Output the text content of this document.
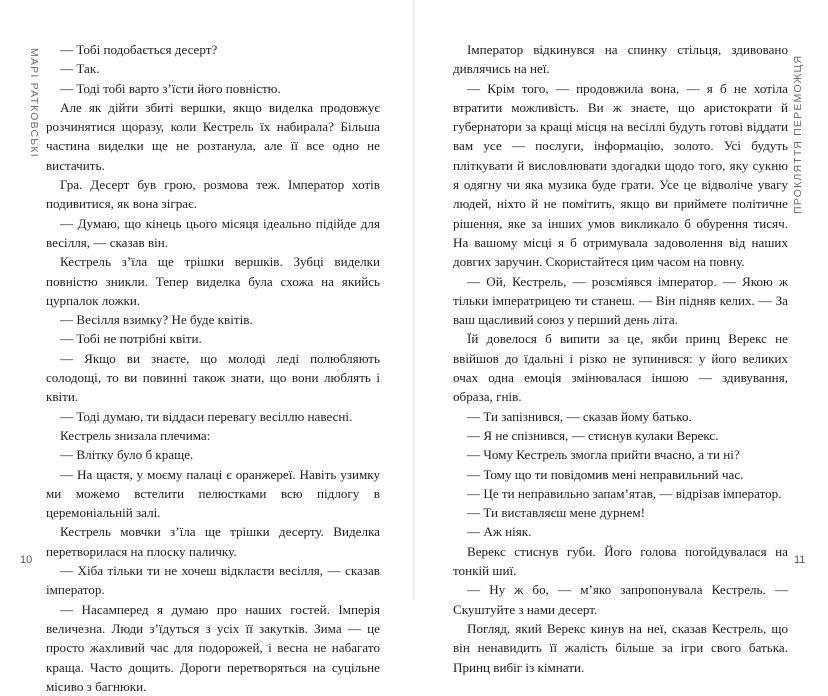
МАРІ РАТКОВСЬКІ	— Тобі подобається десерт?

— Так.

— Тоді тобі варто з’їсти його повністю.

Але як дійти збиті вершки, якщо виделка продовжує розчинятися щоразу, коли Кестрель їх набирала? Більша частина виделки ще не розтанула, але її все одно не вистачить.

Гра. Десерт був грою, розмова теж. Імператор хотів подивитися, як вона зіграє.

— Думаю, що кінець цього місяця ідеально підійде для весілля, — сказав він.

Кестрель з’їла ще трішки вершків. Зубці виделки повністю зникли. Тепер виделка була схожа на якийсь цурпалок ложки.

— Весілля взимку? Не буде квітів.

— Тобі не потрібні квіти.

— Якщо ви знаєте, що молоді леді полюбляють солодощі, то ви повинні також знати, що вони люблять і квіти.

— Тоді думаю, ти віддаси перевагу весіллю навесні.

Кестрель знизала плечима:

— Влітку було б краще.

— На щастя, у моєму палаці є оранжереї. Навіть узимку ми можемо встелити пелюстками всю підлогу в церемоніальній залі.

Кестрель мовчки з’їла ще трішки десерту. Виделка перетворилася на плоску паличку.

— Хіба тільки ти не хочеш відкласти весілля, — сказав імператор.

— Насамперед я думаю про наших гостей. Імперія величезна. Люди з’їдуться з усіх її закутків. Зима — це просто жахливий час для подорожей, і весна не набагато краща. Часто дощить. Дороги перетворяться на суцільне місиво з багнюки.

10
ПРОКЛЯТТЯ ПЕРЕМОЖЦЯ

Імператор відкинувся на спинку стільця, здивовано дивлячись на неї.

— Крім того, — продовжила вона, — я б не хотіла втратити можливість. Ви ж знаєте, що аристократи й губернатори за кращі місця на весіллі будуть готові віддати вам усе — послуги, інформацію, золото. Усі будуть пліткувати й висловлювати здогадки щодо того, яку сукню я одягну чи яка музика буде грати. Усе це відволіче увагу людей, ніхто й не помітить, якщо ви приймете політичне рішення, яке за інших умов викликало б обурення тисяч. На вашому місці я б отримувала задоволення від наших довгих заручин. Скористайтеся цим часом на повну.

— Ой, Кестрель, — розсміявся імператор. — Якою ж тільки імператрицею ти станеш. — Він підняв келих. — За ваш щасливий союз у перший день літа.

Їй довелося б випити за це, якби принц Верекс не ввійшов до їдальні і різко не зупинився: у його великих очах одна емоція змінювалася іншою — здивування, образа, гнів.

— Ти запізнився, — сказав йому батько.

— Я не спізнився, — стиснув кулаки Верекс.

— Чому Кестрель змогла прийти вчасно, а ти ні?

— Тому що ти повідомив мені неправильний час.

— Це ти неправильно запам’ятав, — відрізав імператор.

— Ти виставляєш мене дурнем!

— Аж ніяк.

Верекс стиснув губи. Його голова погойдувалася на тонкій шиї.

— Ну ж бо, — м’яко запропонувала Кестрель. — Скуштуйте з нами десерт.

Погляд, який Верекс кинув на неї, сказав Кестрель, що він ненавидить її жалість більше за ігри свого батька. Принц вибіг із кімнати.

11
